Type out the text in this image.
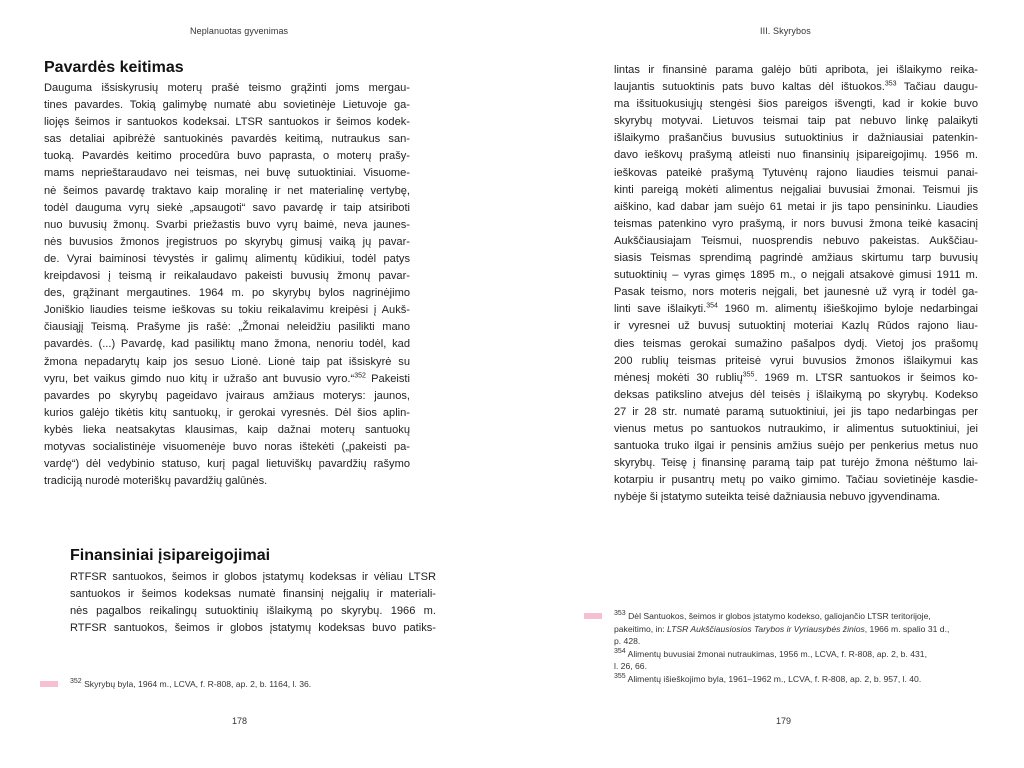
Neplanuotas gyvenimas
Pavardės keitimas
Dauguma išsiskyrusių moterų prašė teismo grąžinti joms mergau-
tines pavardes. Tokią galimybę numatė abu sovietinėje Lietuvoje ga-
liojęs šeimos ir santuokos kodeksai. LTSR santuokos ir šeimos kodek-
sas detaliai apibrėžė santuokinės pavardės keitimą, nutraukus san-
tuoką. Pavardės keitimo procedūra buvo paprasta, o moterų prašy-
mams neprieštaraudavo nei teismas, nei buvę sutuoktiniai. Visuome-
nė šeimos pavardę traktavo kaip moralinę ir net materialinę vertybę,
todėl dauguma vyrų siekė „apsaugoti“ savo pavardę ir taip atsiriboti
nuo buvusių žmonų. Svarbi priežastis buvo vyrų baimė, neva jaunes-
nės buvusios žmonos įregistruos po skyrybų gimusį vaiką jų pavar-
de. Vyrai baiminosi tėvystės ir galimų alimentų kūdikiui, todėl patys
kreipdavosi į teismą ir reikalaudavo pakeisti buvusių žmonų pavar-
des, grąžinant mergautines. 1964 m. po skyrybų bylos nagrinėjimo
Joniškio liaudies teisme ieškovas su tokiu reikalavimu kreipėsi į Aukš-
čiausiąjį Teismą. Prašyme jis rašė: „Žmonai neleidžiu pasilikti mano
pavardės. (...) Pavardę, kad pasiliktų mano žmona, nenoriu todėl, kad
žmona nepadarytų kaip jos sesuo Lionė. Lionė taip pat išsiskyrė su
vyru, bet vaikus gimdo nuo kitų ir užrašo ant buvusio vyro.“$^{352}$ Pakeisti
pavardes po skyrybų pageidavo įvairaus amžiaus moterys: jaunos,
kurios galėjo tikėtis kitų santuokų, ir gerokai vyresnės. Dėl šios aplin-
kybės lieka neatsakytas klausimas, kaip dažnai moterų santuokų
motyvas socialistinėje visuomenėje buvo noras ištekėti („pakeisti pa-
vardę“) dėl vedybinio statuso, kurį pagal lietuviškų pavardžių rašymo
tradiciją nurodė moteriškų pavardžių galūnės.
Finansiniai įsipareigojimai
RTFSR santuokos, šeimos ir globos įstatymų kodeksas ir vėliau LTSR
santuokos ir šeimos kodeksas numatė finansinį neįgalių ir materiali-
nės pagalbos reikalingų sutuoktinių išlaikymą po skyrybų. 1966 m.
RTFSR santuokos, šeimos ir globos įstatymų kodeksas buvo patiks-

$^{352}$ Skyrybų byla, 1964 m., LCVA, f. R-808, ap. 2, b. 1164, l. 36.

178
III. Skyrybos
lintas ir finansinė parama galėjo būti apribota, jei išlaikymo reika-
laujantis sutuoktinis pats buvo kaltas dėl ištuokos.$^{353}$ Tačiau daugu-
ma išsituokusiųjų stengėsi šios pareigos išvengti, kad ir kokie buvo
skyrybų motyvai. Lietuvos teismai taip pat nebuvo linkę palaikyti
išlaikymo prašančius buvusius sutuoktinius ir dažniausiai patenkin-
davo ieškovų prašymą atleisti nuo finansinių įsipareigojimų. 1956 m.
ieškovas pateikė prašymą Tytuvėnų rajono liaudies teismui panai-
kinti pareigą mokėti alimentus neįgaliai buvusiai žmonai. Teismui jis
aiškino, kad dabar jam suėjo 61 metai ir jis tapo pensininku. Liaudies
teismas patenkino vyro prašymą, ir nors buvusi žmona teikė kasacinį
Aukščiausiajam Teismui, nuosprendis nebuvo pakeistas. Aukščiau-
siasis Teismas sprendimą pagrindė amžiaus skirtumu tarp buvusių
sutuoktinių – vyras gimęs 1895 m., o neįgali atsakovė gimusi 1911 m.
Pasak teismo, nors moteris neįgali, bet jaunesnė už vyrą ir todėl ga-
linti save išlaikyti.$^{354}$ 1960 m. alimentų išieškojimo byloje nedarbingai
ir vyresnei už buvusį sutuoktinį moteriai Kazlų Rūdos rajono liau-
dies teismas gerokai sumažino pašalpos dydį. Vietoj jos prašomų
200 rublių teismas priteisė vyrui buvusios žmonos išlaikymui kas
mėnesį mokėti 30 rublių$^{355}$. 1969 m. LTSR santuokos ir šeimos ko-
deksas patikslino atvejus dėl teisės į išlaikymą po skyrybų. Kodekso
27 ir 28 str. numatė paramą sutuoktiniui, jei jis tapo nedarbingas per
vienus metus po santuokos nutraukimo, ir alimentus sutuoktiniui, jei
santuoka truko ilgai ir pensinis amžius suėjo per penkerius metus nuo
skyrybų. Teisę į finansinę paramą taip pat turėjo žmona nėštumo lai-
kotarpiu ir pusantrų metų po vaiko gimimo. Tačiau sovietinėje kasdie-
nybėje ši įstatymo suteikta teisė dažniausia nebuvo įgyvendinama.

$^{353}$ Dėl Santuokos, šeimos ir globos įstatymo kodekso, galiojančio LTSR teritorijoje,
pakeitimo, in: LTSR Aukščiausiosios Tarybos ir Vyriausybės žinios, 1966 m. spalio 31 d.,
p. 428.

$^{354}$ Alimentų buvusiai žmonai nutraukimas, 1956 m., LCVA, f. R-808, ap. 2, b. 431,
l. 26, 66.

$^{355}$ Alimentų išieškojimo byla, 1961–1962 m., LCVA, f. R-808, ap. 2, b. 957, l. 40.

179
